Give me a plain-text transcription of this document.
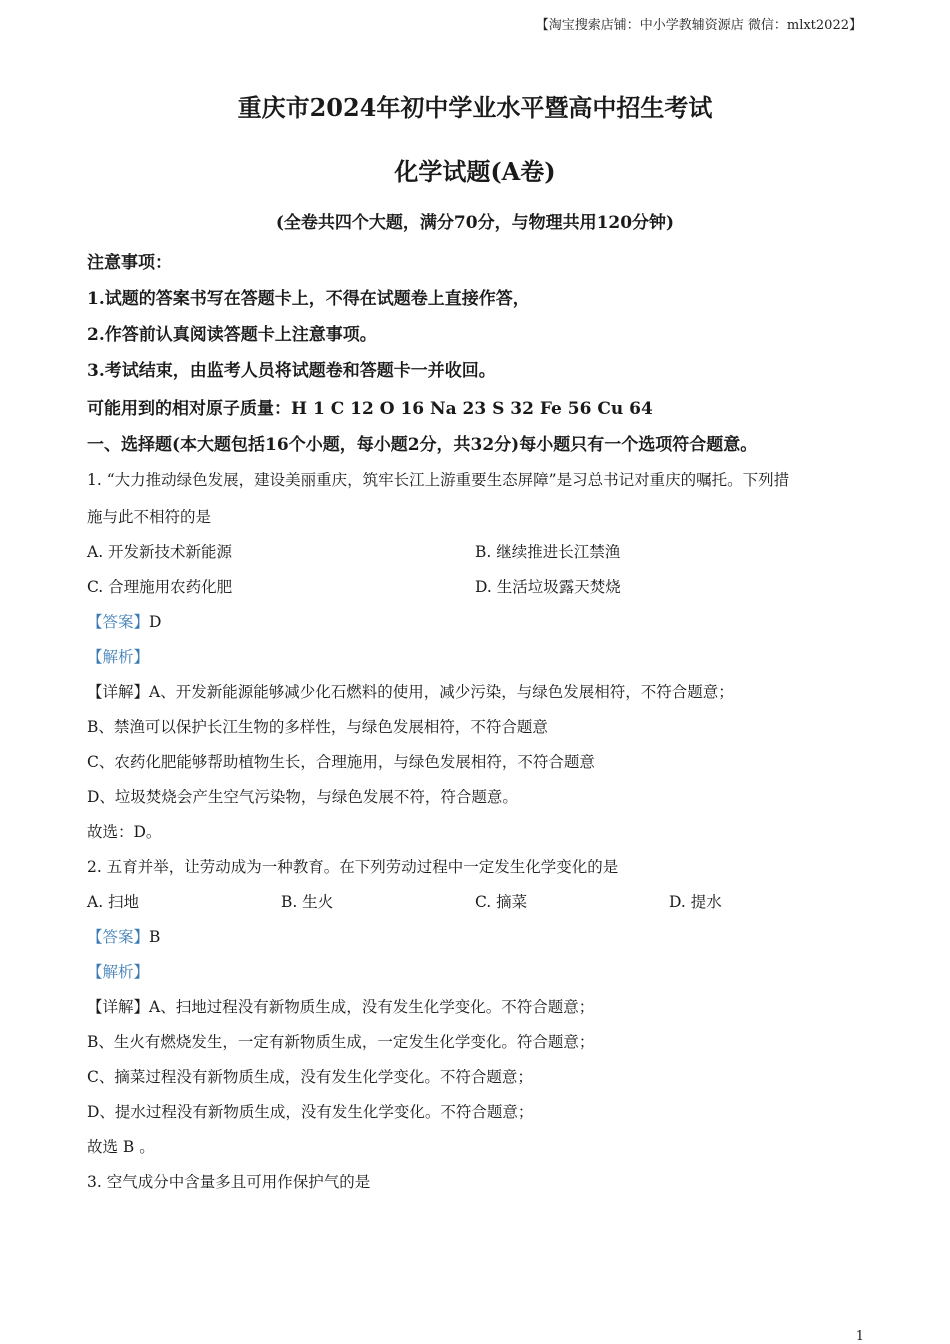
【淘宝搜索店铺：中小学教辅资源店 微信：mlxt2022】
重庆市2024年初中学业水平暨高中招生考试
化学试题(A卷)
(全卷共四个大题，满分70分，与物理共用120分钟)
注意事项：
1.试题的答案书写在答题卡上，不得在试题卷上直接作答，
2.作答前认真阅读答题卡上注意事项。
3.考试结束，由监考人员将试题卷和答题卡一并收回。
可能用到的相对原子质量：H 1 C 12 O 16 Na 23 S 32 Fe 56 Cu 64
一、选择题(本大题包括16个小题，每小题2分，共32分)每小题只有一个选项符合题意。
1. “大力推动绿色发展，建设美丽重庆，筑牢长江上游重要生态屏障”是习总书记对重庆的嘱托。下列措
施与此不相符的是
A. 开发新技术新能源	B. 继续推进长江禁渔
C. 合理施用农药化肥	D. 生活垃圾露天焚烧
【答案】D
【解析】
【详解】A、开发新能源能够减少化石燃料的使用，减少污染，与绿色发展相符，不符合题意；
B、禁渔可以保护长江生物的多样性，与绿色发展相符，不符合题意
C、农药化肥能够帮助植物生长，合理施用，与绿色发展相符，不符合题意
D、垃圾焚烧会产生空气污染物，与绿色发展不符，符合题意。
故选：D。
2. 五育并举，让劳动成为一种教育。在下列劳动过程中一定发生化学变化的是
A. 扫地	B. 生火	C. 摘菜	D. 提水
【答案】B
【解析】
【详解】A、扫地过程没有新物质生成，没有发生化学变化。不符合题意；
B、生火有燃烧发生，一定有新物质生成，一定发生化学变化。符合题意；
C、摘菜过程没有新物质生成，没有发生化学变化。不符合题意；
D、提水过程没有新物质生成，没有发生化学变化。不符合题意；
故选 B 。
3. 空气成分中含量多且可用作保护气的是
1
